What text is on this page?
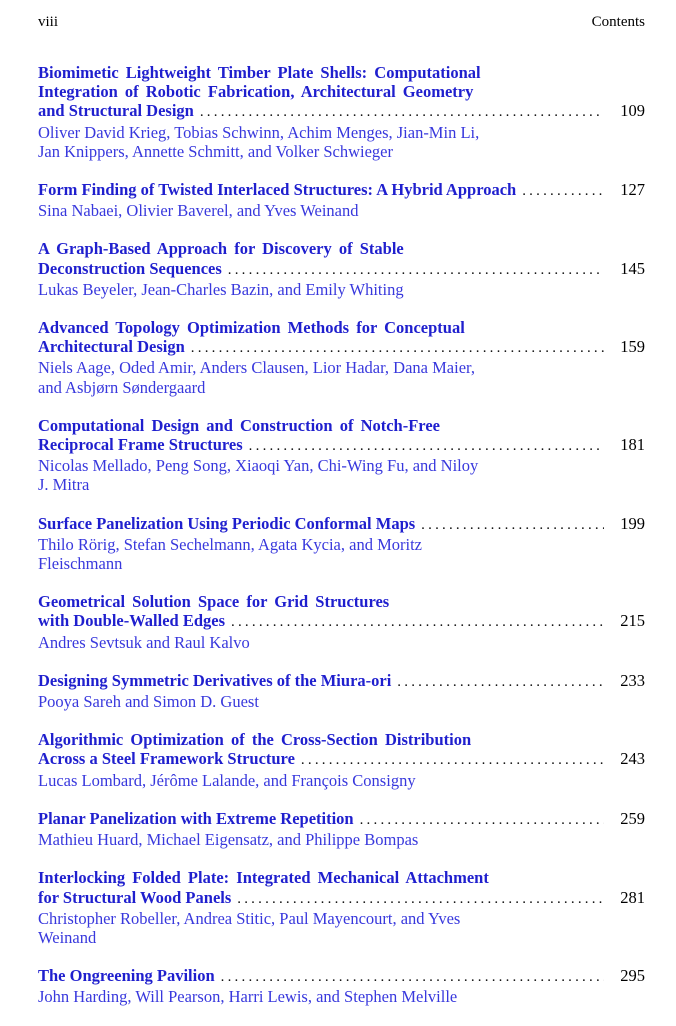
viii	Contents
Biomimetic Lightweight Timber Plate Shells: Computational
Integration of Robotic Fabrication, Architectural Geometry
and Structural Design .....	109
Oliver David Krieg, Tobias Schwinn, Achim Menges, Jian-Min Li,
Jan Knippers, Annette Schmitt, and Volker Schwieger
Form Finding of Twisted Interlaced Structures: A Hybrid Approach .....	127
Sina Nabaei, Olivier Baverel, and Yves Weinand
A Graph-Based Approach for Discovery of Stable
Deconstruction Sequences .....	145
Lukas Beyeler, Jean-Charles Bazin, and Emily Whiting
Advanced Topology Optimization Methods for Conceptual
Architectural Design .....	159
Niels Aage, Oded Amir, Anders Clausen, Lior Hadar, Dana Maier,
and Asbjørn Søndergaard
Computational Design and Construction of Notch-Free
Reciprocal Frame Structures .....	181
Nicolas Mellado, Peng Song, Xiaoqi Yan, Chi-Wing Fu, and Niloy
J. Mitra
Surface Panelization Using Periodic Conformal Maps .....	199
Thilo Rörig, Stefan Sechelmann, Agata Kycia, and Moritz
Fleischmann
Geometrical Solution Space for Grid Structures
with Double-Walled Edges .....	215
Andres Sevtsuk and Raul Kalvo
Designing Symmetric Derivatives of the Miura-ori .....	233
Pooya Sareh and Simon D. Guest
Algorithmic Optimization of the Cross-Section Distribution
Across a Steel Framework Structure .....	243
Lucas Lombard, Jérôme Lalande, and François Consigny
Planar Panelization with Extreme Repetition .....	259
Mathieu Huard, Michael Eigensatz, and Philippe Bompas
Interlocking Folded Plate: Integrated Mechanical Attachment
for Structural Wood Panels .....	281
Christopher Robeller, Andrea Stitic, Paul Mayencourt, and Yves
Weinand
The Ongreening Pavilion .....	295
John Harding, Will Pearson, Harri Lewis, and Stephen Melville
